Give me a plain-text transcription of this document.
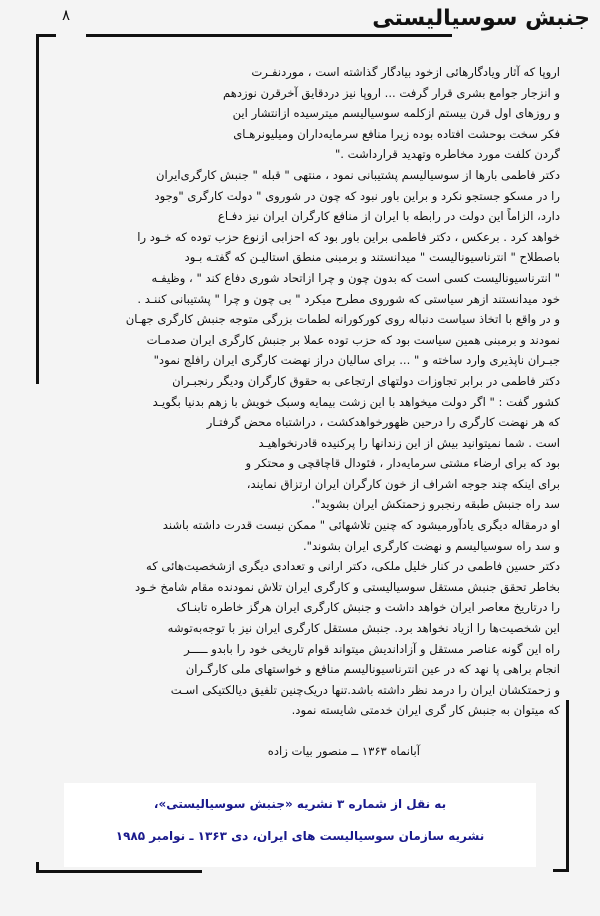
جنبش سوسیالیستی
۸

اروپا که آثار ویادگارهائی ازخود بیادگار گذاشته است ، موردنفـرت
و انزجار جوامع بشری قرار گرفت ... اروپا نیز دردقایق آخرقرن نوزدهم
و روزهای اول قرن بیستم ازکلمه سوسیالیسم میترسیده ازانتشار این
فکر سخت بوحشت افتاده بوده زیرا منافع سرمایه‌داران ومیلیونرهـای
گردن کلفت مورد مخاطره وتهدید قرارداشت ."

دکتر فاطمی بارها از سوسیالیسم پشتیبانی نمود ، منتهی " قبله " جنبش کارگری‌ایران
را در مسکو جستجو نکرد و براین باور نبود که چون در شوروی " دولت کارگری "وجود
دارد، الزاماً این دولت در رابطه با ایران از منافع کارگران ایران نیز دفـاع
خواهد کرد . برعکس ، دکتر فاطمی براین باور بود که احزابی ازنوع حزب توده که خـود را
باصطلاح " انترناسیونالیست " میدانستند و برمبنی منطق استالیـن که گفتـه بـود
" انترناسیونالیست کسی است که بدون چون و چرا ازاتحاد شوری دفاع کند " ، وظیفـه
خود میدانستند ازهر سیاستی که شوروی مطرح میکرد " بی چون و چرا " پشتیبانی کننـد .
و در واقع با اتخاذ سیاست دنباله روی کورکورانه لطمات بزرگی متوجه جنبش کارگری جهـان
نمودند و برمبنی همین سیاست بود که حزب توده عملا بر جنبش کارگری ایران صدمـات
جبـران ناپذیری وارد ساخته و " ... برای سالیان دراز نهضت کارگری ایران رافلج نمود"

دکتر فاطمی در برابر تجاوزات دولتهای ارتجاعی به حقوق کارگران ودیگر رنجبـران
کشور گفت : " اگر دولت میخواهد با این زشت بیمایه وسبک خویش با زهم بدنیا بگویـد
که هر نهضت کارگری را درحین ظهورخواهدکشت ، دراشتباه محض گرفتـار
است . شما نمیتوانید بیش از این زندانها را پرکنیده قادرنخواهیـد
بود که برای ارضاء مشتی سرمایه‌دار ، فئودال قاچاقچی و محتکر و
برای اینکه چند جوجه اشراف از خون کارگران ایران ارتزاق نمایند،
سد راه جنبش طبقه رنجبرو زحمتکش ایران بشوید".

او درمقاله دیگری یادآورمیشود که چنین تلاشهائی " ممکن نیست قدرت داشته باشند
و سد راه سوسیالیسم و نهضت کارگری ایران بشوند".

دکتر حسین فاطمی در کنار خلیل ملکی، دکتر ارانی و تعدادی دیگری ازشخصیت‌هائی که
بخاطر تحقق جنبش مستقل سوسیالیستی و کارگری ایران تلاش نمودنده مقام شامخ خـود
را درتاریخ معاصر ایران خواهد داشت و جنبش کارگری ایران هرگز خاطره تابنـاک
این شخصیت‌ها را ازیاد نخواهد برد. جنبش مستقل کارگری ایران نیز با توجه‌به‌توشه‌
راه این گونه عناصر مستقل و آزاداندیش میتواند قوام تاریخی خود را بابدو ـــــر
انجام براهی پا نهد که در عین انترناسیونالیسم منافع و خواستهای ملی کارگـران
و زحمتکشان ایران را درمد نظر داشته باشد.تنها دریک‌چنین تلفیق دیالکتیکی اسـت
که میتوان به جنبش کار گری ایران خدمتی شایسته نمود.

آبانماه ۱۳۶۳ ــ منصور بیات زاده
به نقل از شماره ۳ نشریه «جنبش سوسیالیستی»،
نشریه سازمان سوسیالیست های ایران، دی ۱۳۶۳ ـ نوامبر ۱۹۸۵
